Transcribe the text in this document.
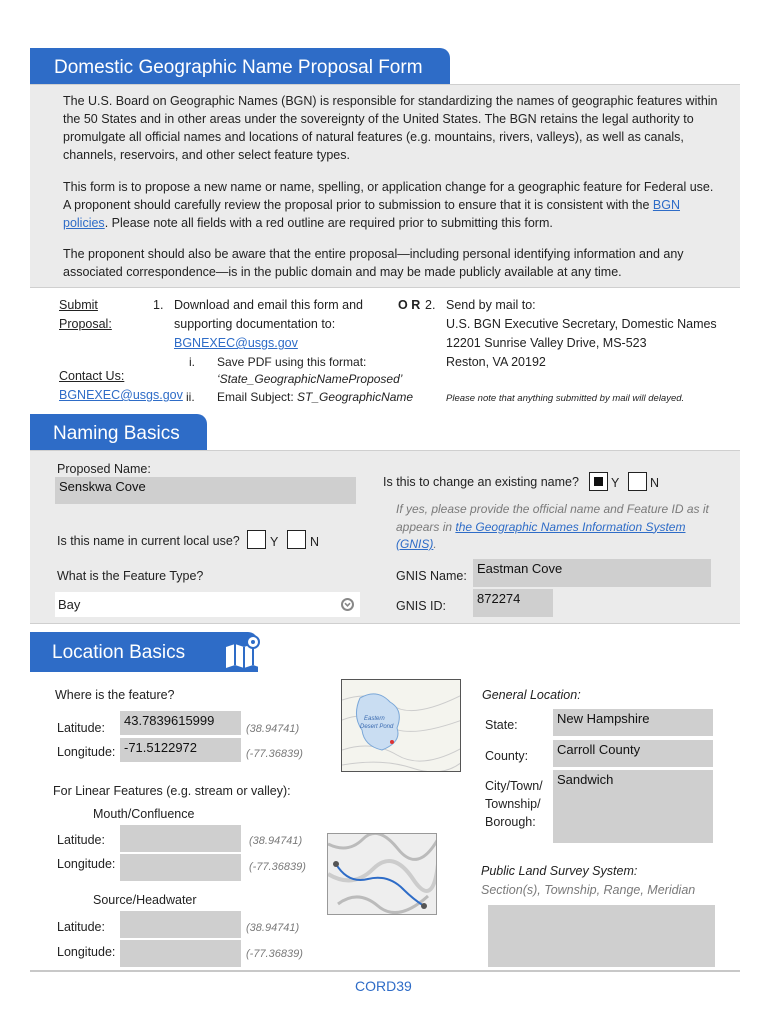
Domestic Geographic Name Proposal Form
The U.S. Board on Geographic Names (BGN) is responsible for standardizing the names of geographic features within the 50 States and in other areas under the sovereignty of the United States. The BGN retains the legal authority to promulgate all official names and locations of natural features (e.g. mountains, rivers, valleys), as well as canals, channels, reservoirs, and other select feature types.
This form is to propose a new name or name, spelling, or application change for a geographic feature for Federal use. A proponent should carefully review the proposal prior to submission to ensure that it is consistent with the BGN policies. Please note all fields with a red outline are required prior to submitting this form.
The proponent should also be aware that the entire proposal—including personal identifying information and any associated correspondence—is in the public domain and may be made publicly available at any time.
Submit
Proposal:
Contact Us:
BGNEXEC@usgs.gov
1. Download and email this form and
supporting documentation to:
BGNEXEC@usgs.gov
i. Save PDF using this format:
‘State_GeographicNameProposed’
ii. Email Subject: ST_GeographicName
O R 2. Send by mail to:
U.S. BGN Executive Secretary, Domestic Names
12201 Sunrise Valley Drive, MS-523
Reston, VA 20192
Please note that anything submitted by mail will delayed.
Naming Basics
Proposed Name:
Senskwa Cove	Is this to change an existing name?	Y N
If yes, please provide the official name and Feature ID as it appears in the Geographic Names Information System (GNIS).
Is this name in current local use? Y	N
What is the Feature Type?
Bay
GNIS Name: Eastman Cove
GNIS ID:	872274
Location Basics
Where is the feature?
Latitude:	43.7839615999
(38.94741)
Longitude: -71.5122972	(-77.36839)
Eastern
Desert Pond
For Linear Features (e.g. stream or valley):
Mouth/Confluence
Latitude:	(38.94741)
Longitude:	(-77.36839)
Source/Headwater
Latitude:	(38.94741)
Longitude:	(-77.36839)
General Location:
State:	New Hampshire
County:	Carroll County
City/Town/
Township/
Borough:
Sandwich
Public Land Survey System:
Section(s), Township, Range, Meridian
CORD39
